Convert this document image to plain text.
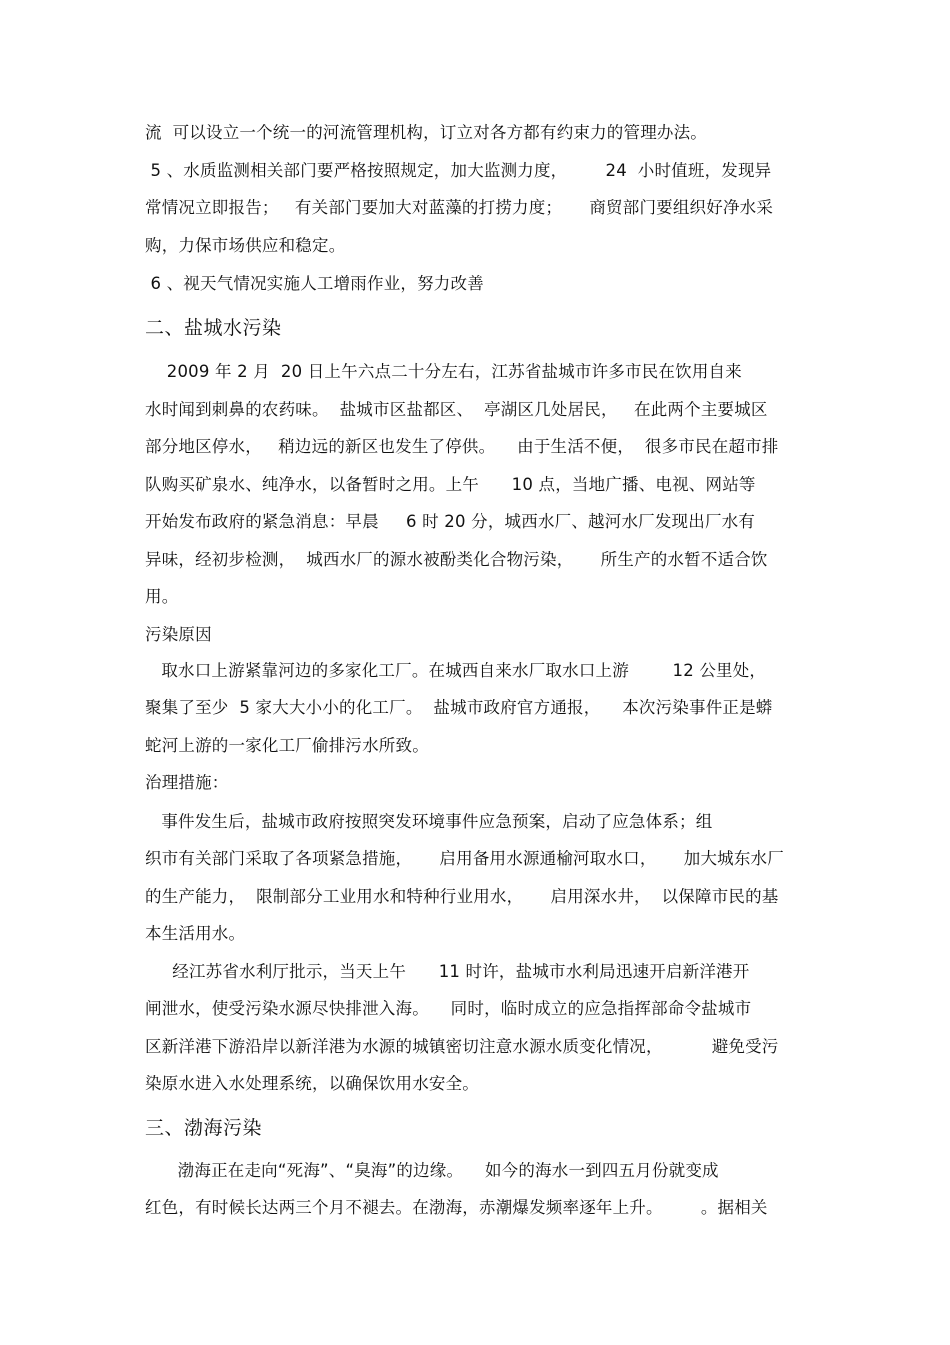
流  可以设立一个统一的河流管理机构，订立对各方都有约束力的管理办法。
5 、水质监测相关部门要严格按照规定，加大监测力度，       24  小时值班，发现异
常情况立即报告；   有关部门要加大对蓝藻的打捞力度；     商贸部门要组织好净水采
购，力保市场供应和稳定。
6 、视天气情况实施人工增雨作业，努力改善
二、盐城水污染
2009 年 2 月  20 日上午六点二十分左右，江苏省盐城市许多市民在饮用自来
水时闻到刺鼻的农药味。  盐城市区盐都区、  亭湖区几处居民，   在此两个主要城区
部分地区停水，   稍边远的新区也发生了停供。    由于生活不便，  很多市民在超市排
队购买矿泉水、纯净水，以备暂时之用。上午      10 点，当地广播、电视、网站等
开始发布政府的紧急消息：早晨     6 时 20 分，城西水厂、越河水厂发现出厂水有
异味，经初步检测，  城西水厂的源水被酚类化合物污染，     所生产的水暂不适合饮
用。
污染原因
取水口上游紧靠河边的多家化工厂。在城西自来水厂取水口上游        12 公里处，
聚集了至少  5 家大大小小的化工厂。  盐城市政府官方通报，    本次污染事件正是蟒
蛇河上游的一家化工厂偷排污水所致。
治理措施：
事件发生后，盐城市政府按照突发环境事件应急预案，启动了应急体系；组
织市有关部门采取了各项紧急措施，     启用备用水源通榆河取水口，     加大城东水厂
的生产能力，  限制部分工业用水和特种行业用水，     启用深水井，  以保障市民的基
本生活用水。
经江苏省水利厅批示，当天上午      11 时许，盐城市水利局迅速开启新洋港开
闸泄水，使受污染水源尽快排泄入海。    同时，临时成立的应急指挥部命令盐城市
区新洋港下游沿岸以新洋港为水源的城镇密切注意水源水质变化情况，         避免受污
染原水进入水处理系统，以确保饮用水安全。
三、渤海污染
渤海正在走向“死海”、“臭海”的边缘。    如今的海水一到四五月份就变成
红色，有时候长达两三个月不褪去。在渤海，赤潮爆发频率逐年上升。       。据相关
